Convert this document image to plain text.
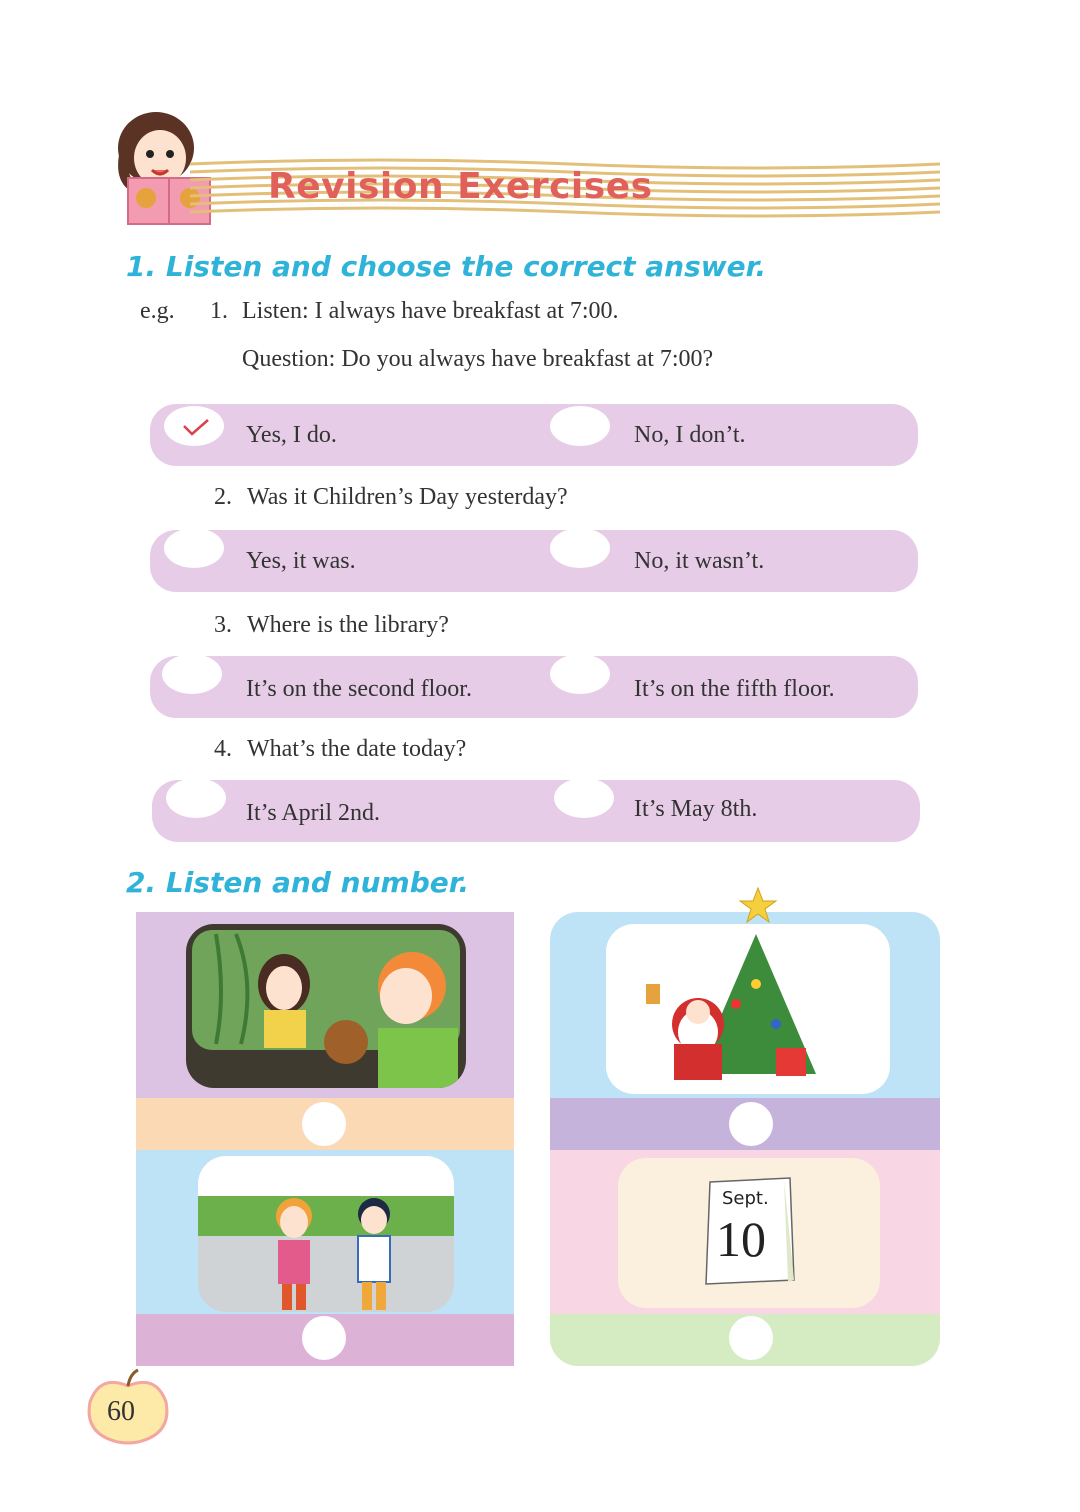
Revision Exercises
1. Listen and choose the correct answer.
e.g. 1. Listen: I always have breakfast at 7:00.
Question: Do you always have breakfast at 7:00?
Yes, I do.	No, I don’t.
2. Was it Children’s Day yesterday?
Yes, it was.	No, it wasn’t.
3. Where is the library?
It’s on the second floor.	It’s on the fifth floor.
4. What’s the date today?
It’s April 2nd.	It’s May 8th.
2. Listen and number.
Sept.
10
60
